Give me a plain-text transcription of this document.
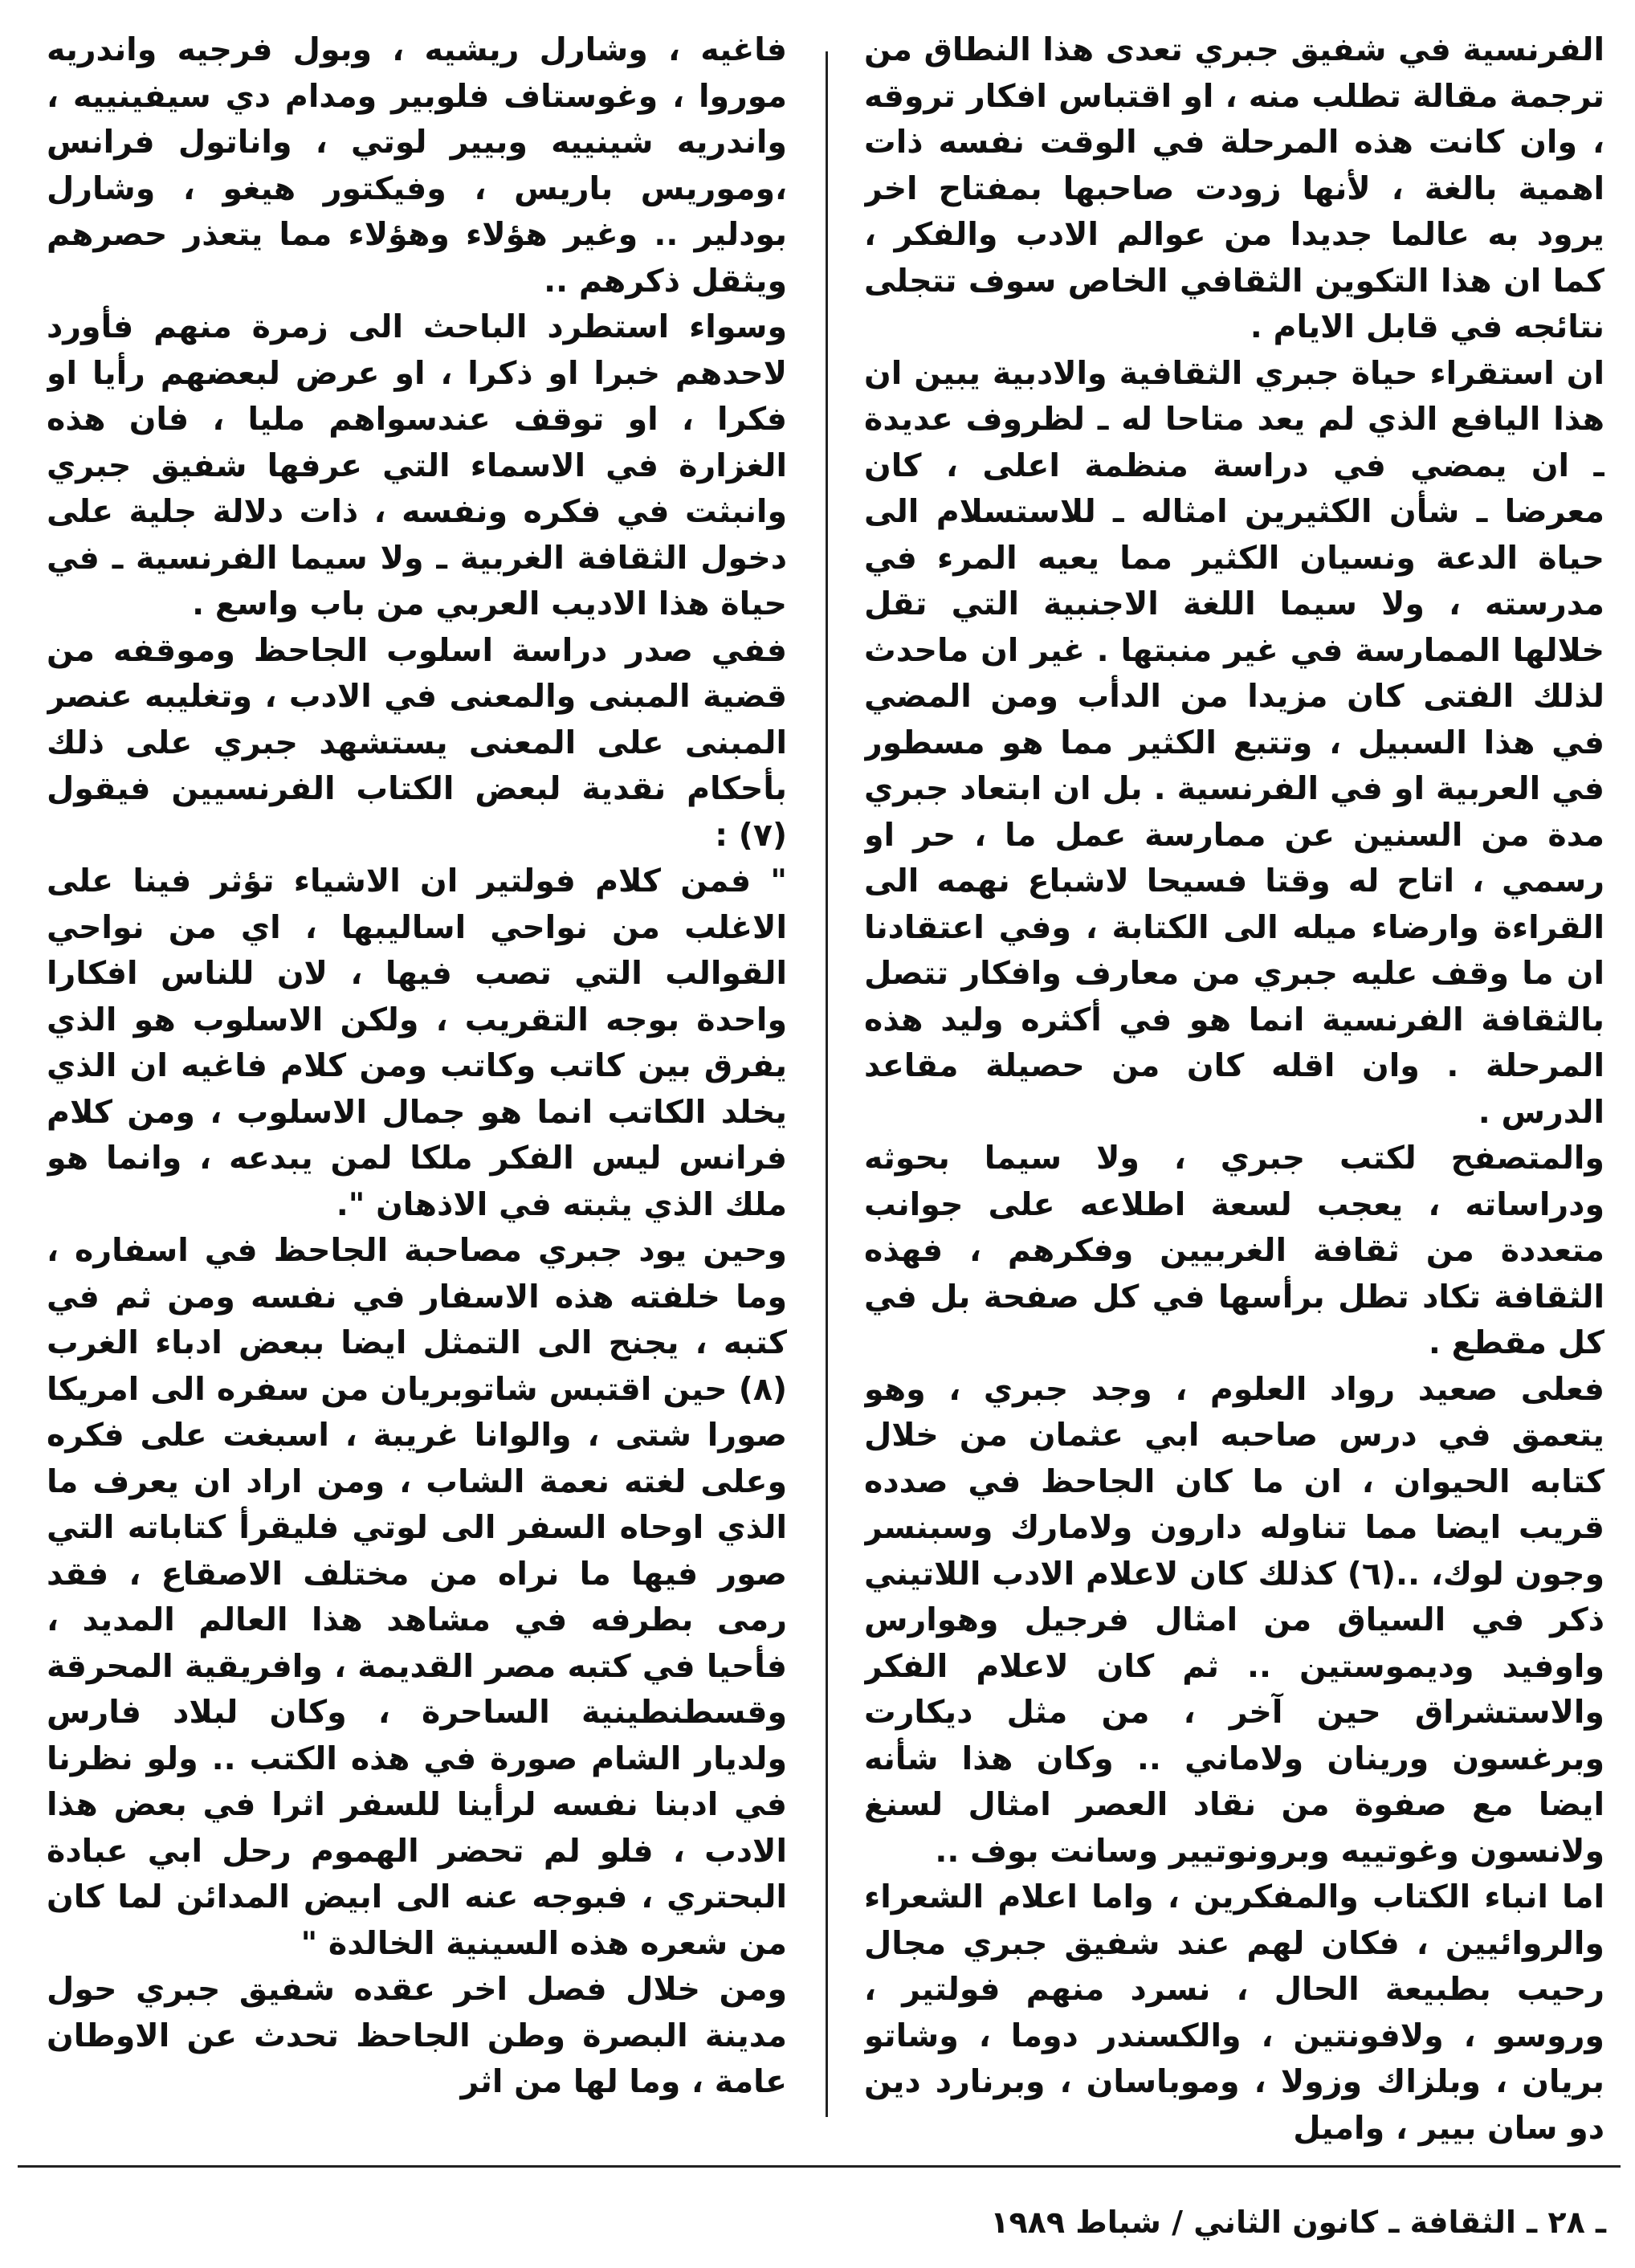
الفرنسية في شفيق جبري تعدى هذا النطاق من ترجمة مقالة تطلب منه ، او اقتباس افكار تروقه ، وان كانت هذه المرحلة في الوقت نفسه ذات اهمية بالغة ، لأنها زودت صاحبها بمفتاح اخر يرود به عالما جديدا من عوالم الادب والفكر ، كما ان هذا التكوين الثقافي الخاص سوف تتجلى نتائجه في قابل الايام .

ان استقراء حياة جبري الثقافية والادبية يبين ان هذا اليافع الذي لم يعد متاحا له ـ لظروف عديدة ـ ان يمضي في دراسة منظمة اعلى ، كان معرضا ـ شأن الكثيرين امثاله ـ للاستسلام الى حياة الدعة ونسيان الكثير مما يعيه المرء في مدرسته ، ولا سيما اللغة الاجنبية التي تقل خلالها الممارسة في غير منبتها . غير ان ماحدث لذلك الفتى كان مزيدا من الدأب ومن المضي في هذا السبيل ، وتتبع الكثير مما هو مسطور في العربية او في الفرنسية . بل ان ابتعاد جبري مدة من السنين عن ممارسة عمل ما ، حر او رسمي ، اتاح له وقتا فسيحا لاشباع نهمه الى القراءة وارضاء ميله الى الكتابة ، وفي اعتقادنا ان ما وقف عليه جبري من معارف وافكار تتصل بالثقافة الفرنسية انما هو في أكثره وليد هذه المرحلة . وان اقله كان من حصيلة مقاعد الدرس .

والمتصفح لكتب جبري ، ولا سيما بحوثه ودراساته ، يعجب لسعة اطلاعه على جوانب متعددة من ثقافة الغربيين وفكرهم ، فهذه الثقافة تكاد تطل برأسها في كل صفحة بل في كل مقطع .

فعلى صعيد رواد العلوم ، وجد جبري ، وهو يتعمق في درس صاحبه ابي عثمان من خلال كتابه الحيوان ، ان ما كان الجاحظ في صدده قريب ايضا مما تناوله دارون ولامارك وسبنسر وجون لوك، ..(٦) كذلك كان لاعلام الادب اللاتيني ذكر في السياق من امثال فرجيل وهوارس واوفيد وديموستين .. ثم كان لاعلام الفكر والاستشراق حين آخر ، من مثل ديكارت وبرغسون ورينان ولاماني .. وكان هذا شأنه ايضا مع صفوة من نقاد العصر امثال لسنغ ولانسون وغوتييه وبرونوتيير وسانت بوف ..

اما انباء الكتاب والمفكرين ، واما اعلام الشعراء والروائيين ، فكان لهم عند شفيق جبري مجال رحيب بطبيعة الحال ، نسرد منهم فولتير ، وروسو ، ولافونتين ، والكسندر دوما ، وشاتو بريان ، وبلزاك وزولا ، وموباسان ، وبرنارد دين دو سان بيير ، واميل

فاغيه ، وشارل ريشيه ، وبول فرجيه واندريه موروا ، وغوستاف فلوبير ومدام دي سيفينييه ، واندريه شينييه وبيير لوتي ، واناتول فرانس ،وموريس باريس ، وفيكتور هيغو ، وشارل بودلير .. وغير هؤلاء وهؤلاء مما يتعذر حصرهم ويثقل ذكرهم ..

وسواء استطرد الباحث الى زمرة منهم فأورد لاحدهم خبرا او ذكرا ، او عرض لبعضهم رأيا او فكرا ، او توقف عندسواهم مليا ، فان هذه الغزارة في الاسماء التي عرفها شفيق جبري وانبثت في فكره ونفسه ، ذات دلالة جلية على دخول الثقافة الغربية ـ ولا سيما الفرنسية ـ في حياة هذا الاديب العربي من باب واسع .

ففي صدر دراسة اسلوب الجاحظ وموقفه من قضية المبنى والمعنى في الادب ، وتغليبه عنصر المبنى على المعنى يستشهد جبري على ذلك بأحكام نقدية لبعض الكتاب الفرنسيين فيقول (٧) :

" فمن كلام فولتير ان الاشياء تؤثر فينا على الاغلب من نواحي اساليبها ، اي من نواحي القوالب التي تصب فيها ، لان للناس افكارا واحدة بوجه التقريب ، ولكن الاسلوب هو الذي يفرق بين كاتب وكاتب ومن كلام فاغيه ان الذي يخلد الكاتب انما هو جمال الاسلوب ، ومن كلام فرانس ليس الفكر ملكا لمن يبدعه ، وانما هو ملك الذي يثبته في الاذهان ".

وحين يود جبري مصاحبة الجاحظ في اسفاره ، وما خلفته هذه الاسفار في نفسه ومن ثم في كتبه ، يجنح الى التمثل ايضا ببعض ادباء الغرب (٨) حين اقتبس شاتوبريان من سفره الى امريكا صورا شتى ، والوانا غريبة ، اسبغت على فكره وعلى لغته نعمة الشاب ، ومن اراد ان يعرف ما الذي اوحاه السفر الى لوتي فليقرأ كتاباته التي صور فيها ما نراه من مختلف الاصقاع ، فقد رمى بطرفه في مشاهد هذا العالم المديد ، فأحيا في كتبه مصر القديمة ، وافريقية المحرقة وقسطنطينية الساحرة ، وكان لبلاد فارس ولديار الشام صورة في هذه الكتب .. ولو نظرنا في ادبنا نفسه لرأينا للسفر اثرا في بعض هذا الادب ، فلو لم تحضر الهموم رحل ابي عبادة البحتري ، فبوجه عنه الى ابيض المدائن لما كان من شعره هذه السينية الخالدة "

ومن خلال فصل اخر عقده شفيق جبري حول مدينة البصرة وطن الجاحظ تحدث عن الاوطان عامة ، وما لها من اثر

ـ ٢٨ ـ الثقافة ـ كانون الثاني / شباط ١٩٨٩
